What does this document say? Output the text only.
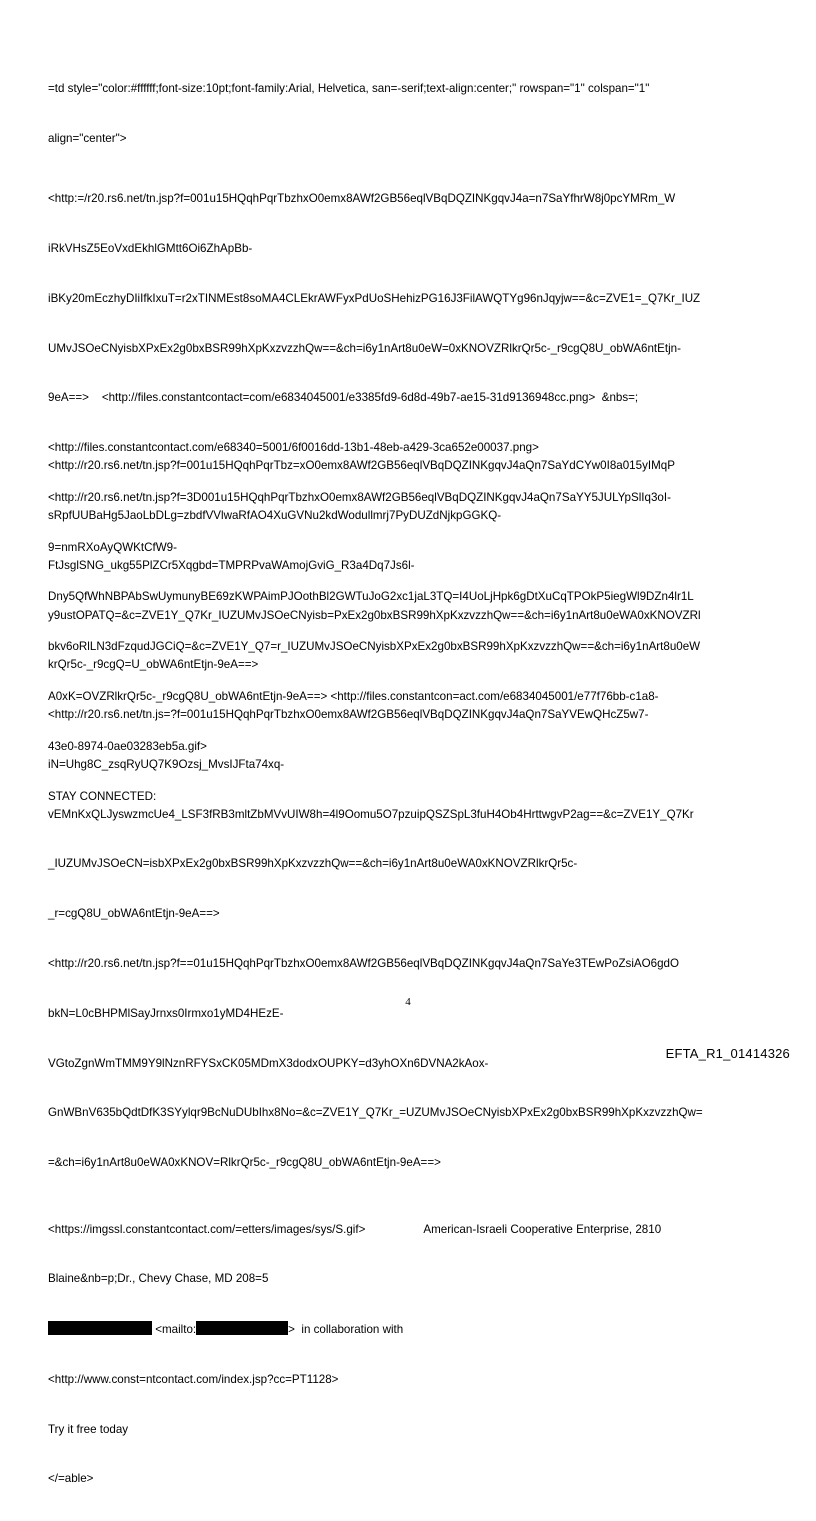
=td style="color:#ffffff;font-size:10pt;font-family:Arial, Helvetica, san=-serif;text-align:center;" rowspan="1" colspan="1"

align="center">

<http:=/r20.rs6.net/tn.jsp?f=001u15HQqhPqrTbzhxO0emx8AWf2GB56eqlVBqDQZINKgqvJ4a=n7SaYfhrW8j0pcYMRm_W

iRkVHsZ5EoVxdEkhlGMtt6Oi6ZhApBb-

iBKy20mEczhyDIiIfkIxuT=r2xTINMEst8soMA4CLEkrAWFyxPdUoSHehizPG16J3FilAWQTYg96nJqyjw==&c=ZVE1=_Q7Kr_IUZ

UMvJSOeCNyisbXPxEx2g0bxBSR99hXpKxzvzzhQw==&ch=i6y1nArt8u0eW=0xKNOVZRlkrQr5c-_r9cgQ8U_obWA6ntEtjn-

9eA==>    <http://files.constantcontact=com/e6834045001/e3385fd9-6d8d-49b7-ae15-31d9136948cc.png>  &nbs=;

<http://files.constantcontact.com/e68340=5001/6f0016dd-13b1-48eb-a429-3ca652e00037.png>

<http://r20.rs6.net/tn.jsp?f=3D001u15HQqhPqrTbzhxO0emx8AWf2GB56eqlVBqDQZINKgqvJ4aQn7SaYY5JULYpSlIq3oI-

9=nmRXoAyQWKtCfW9-

Dny5QfWhNBPAbSwUymunyBE69zKWPAimPJOothBl2GWTuJoG2xc1jaL3TQ=I4UoLjHpk6gDtXuCqTPOkP5iegWl9DZn4lr1L

bkv6oRlLN3dFzqudJGCiQ=&c=ZVE1Y_Q7=r_IUZUMvJSOeCNyisbXPxEx2g0bxBSR99hXpKxzvzzhQw==&ch=i6y1nArt8u0eW

A0xK=OVZRlkrQr5c-_r9cgQ8U_obWA6ntEtjn-9eA==> <http://files.constantcon=act.com/e6834045001/e77f76bb-c1a8-

43e0-8974-0ae03283eb5a.gif>

STAY CONNECTED:

<http://r20.rs6.net/tn.jsp?f=001u15HQqhPqrTbz=xO0emx8AWf2GB56eqlVBqDQZINKgqvJ4aQn7SaYdCYw0I8a015yIMqP

sRpfUUBaHg5JaoLbDLg=zbdfVVlwaRfAO4XuGVNu2kdWodullmrj7PyDUZdNjkpGGKQ-

FtJsglSNG_ukg55PlZCr5Xqgbd=TMPRPvaWAmojGviG_R3a4Dq7Js6l-

y9ustOPATQ=&c=ZVE1Y_Q7Kr_IUZUMvJSOeCNyisb=PxEx2g0bxBSR99hXpKxzvzzhQw==&ch=i6y1nArt8u0eWA0xKNOVZRl

krQr5c-_r9cgQ=U_obWA6ntEtjn-9eA==>

<http://r20.rs6.net/tn.js=?f=001u15HQqhPqrTbzhxO0emx8AWf2GB56eqlVBqDQZINKgqvJ4aQn7SaYVEwQHcZ5w7-

iN=Uhg8C_zsqRyUQ7K9Ozsj_MvsIJFta74xq-

vEMnKxQLJyswzmcUe4_LSF3fRB3mltZbMVvUIW8h=4l9Oomu5O7pzuipQSZSpL3fuH4Ob4HrttwgvP2ag==&c=ZVE1Y_Q7Kr

_IUZUMvJSOeCN=isbXPxEx2g0bxBSR99hXpKxzvzzhQw==&ch=i6y1nArt8u0eWA0xKNOVZRlkrQr5c-

_r=cgQ8U_obWA6ntEtjn-9eA==>

<http://r20.rs6.net/tn.jsp?f==01u15HQqhPqrTbzhxO0emx8AWf2GB56eqlVBqDQZINKgqvJ4aQn7SaYe3TEwPoZsiAO6gdO

bkN=L0cBHPMlSayJrnxs0Irmxo1yMD4HEzE-

VGtoZgnWmTMM9Y9lNznRFYSxCK05MDmX3dodxOUPKY=d3yhOXn6DVNA2kAox-

GnWBnV635bQdtDfK3SYylqr9BcNuDUbIhx8No=&c=ZVE1Y_Q7Kr_=UZUMvJSOeCNyisbXPxEx2g0bxBSR99hXpKxzvzzhQw=

=&ch=i6y1nArt8u0eWA0xKNOV=RlkrQr5c-_r9cgQ8U_obWA6ntEtjn-9eA==>

<https://imgssl.constantcontact.com/=etters/images/sys/S.gif>	American-Israeli Cooperative Enterprise, 2810

Blaine&nb=p;Dr., Chevy Chase, MD 208=5

<mailto:	>  in collaboration with

<http://www.const=ntcontact.com/index.jsp?cc=PT1128>

Try it free today

</=able>

4
EFTA_R1_01414326
